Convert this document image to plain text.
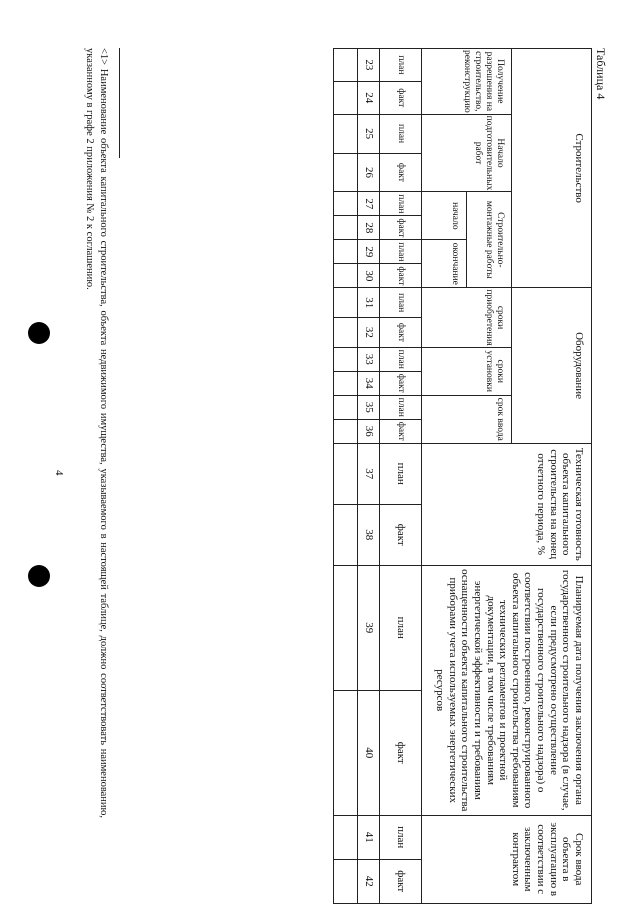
Таблица 4
Строительство								Оборудование						Техническая готовность объекта капитального строительства на конец отчетного периода, %		Планируемая дата получения заключения органа государственного строительного надзора (в случае, если предусмотрено осуществление государственного строительного надзора) о соответствии построенного, реконструированного объекта капитального строительства требованиям технических регламентов и проектной документации, в том числе требованиям энергетической эффективности и требованиям оснащенности объекта капитального строительства приборами учета используемых энергетических ресурсов		Срок ввода объекта в эксплуатацию в соответствии с заключенным контрактом	
Получение разрешения на строительство, реконструкцию		Начало подготовительных работ		Строительно-монтажные работы				сроки приобретения		сроки установки		срок ввода							
				начало		окончание													
план	факт	план	факт	план	факт	план	факт	план	факт	план	факт	план	факт	план	факт	план	факт	план	факт
23	24	25	26	27	28	29	30	31	32	33	34	35	36	37	38	39	40	41	42

<1> Наименование объекта капитального строительства, объекта недвижимого имущества, указываемого в настоящей таблице, должно соответствовать наименованию, указанному в графе 2 приложения № 2 к соглашению.
4
